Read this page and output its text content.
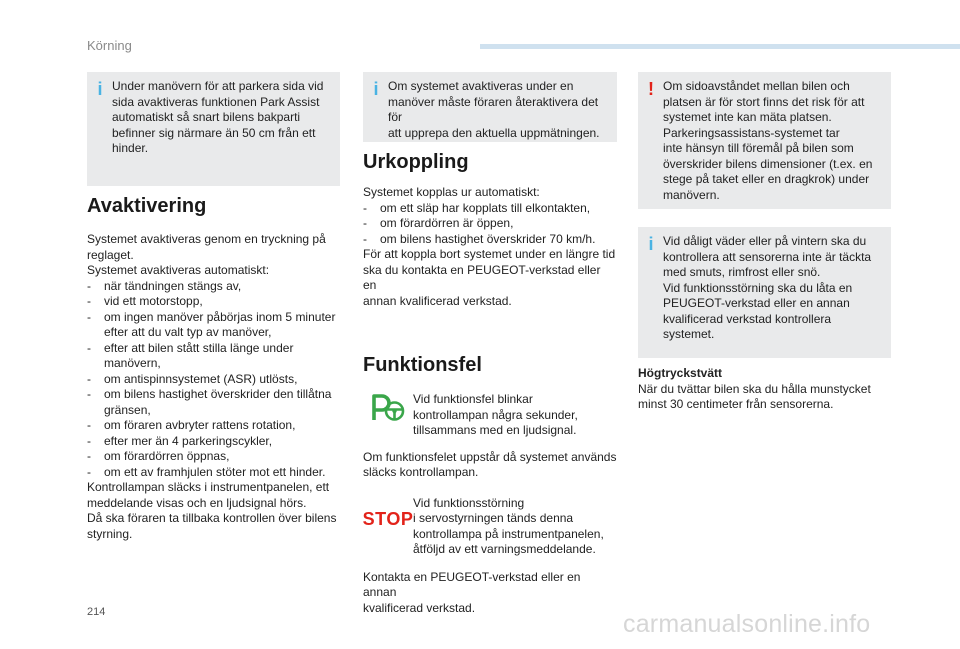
Körning
i Under manövern för att parkera sida vid
sida avaktiveras funktionen Park Assist
automatiskt så snart bilens bakparti
befinner sig närmare än 50 cm från ett
hinder.

Avaktivering

Systemet avaktiveras genom en tryckning på
reglaget.
Systemet avaktiveras automatiskt:

- när tändningen stängs av,
- vid ett motorstopp,
- om ingen manöver påbörjas inom 5 minuter efter att du valt typ av manöver,
- efter att bilen stått stilla länge under manövern,
- om antispinnsystemet (ASR) utlösts,
- om bilens hastighet överskrider den tillåtna gränsen,
- om föraren avbryter rattens rotation,
- efter mer än 4 parkeringscykler,
- om förardörren öppnas,
- om ett av framhjulen stöter mot ett hinder.

Kontrollampan släcks i instrumentpanelen, ett
meddelande visas och en ljudsignal hörs.
Då ska föraren ta tillbaka kontrollen över bilens
styrning.

i Om systemet avaktiveras under en
manöver måste föraren återaktivera det för
att upprepa den aktuella uppmätningen.

Urkoppling

Systemet kopplas ur automatiskt:

- om ett släp har kopplats till elkontakten,
- om förardörren är öppen,
- om bilens hastighet överskrider 70 km/h.

För att koppla bort systemet under en längre tid
ska du kontakta en PEUGEOT-verkstad eller en
annan kvalificerad verkstad.

Funktionsfel

Vid funktionsfel blinkar
kontrollampan några sekunder,
tillsammans med en ljudsignal.

Om funktionsfelet uppstår då systemet används
släcks kontrollampan.

STOP

Vid funktionsstörning
i servostyrningen tänds denna
kontrollampa på instrumentpanelen,
åtföljd av ett varningsmeddelande.

Kontakta en PEUGEOT-verkstad eller en annan
kvalificerad verkstad.

! Om sidoavståndet mellan bilen och
platsen är för stort finns det risk för att
systemet inte kan mäta platsen.
Parkeringsassistans-systemet tar
inte hänsyn till föremål på bilen som
överskrider bilens dimensioner (t.ex. en
stege på taket eller en dragkrok) under
manövern.

i Vid dåligt väder eller på vintern ska du
kontrollera att sensorerna inte är täckta
med smuts, rimfrost eller snö.
Vid funktionsstörning ska du låta en
PEUGEOT-verkstad eller en annan
kvalificerad verkstad kontrollera systemet.

Högtryckstvätt

När du tvättar bilen ska du hålla munstycket
minst 30 centimeter från sensorerna.

214	carmanualsonline.info
